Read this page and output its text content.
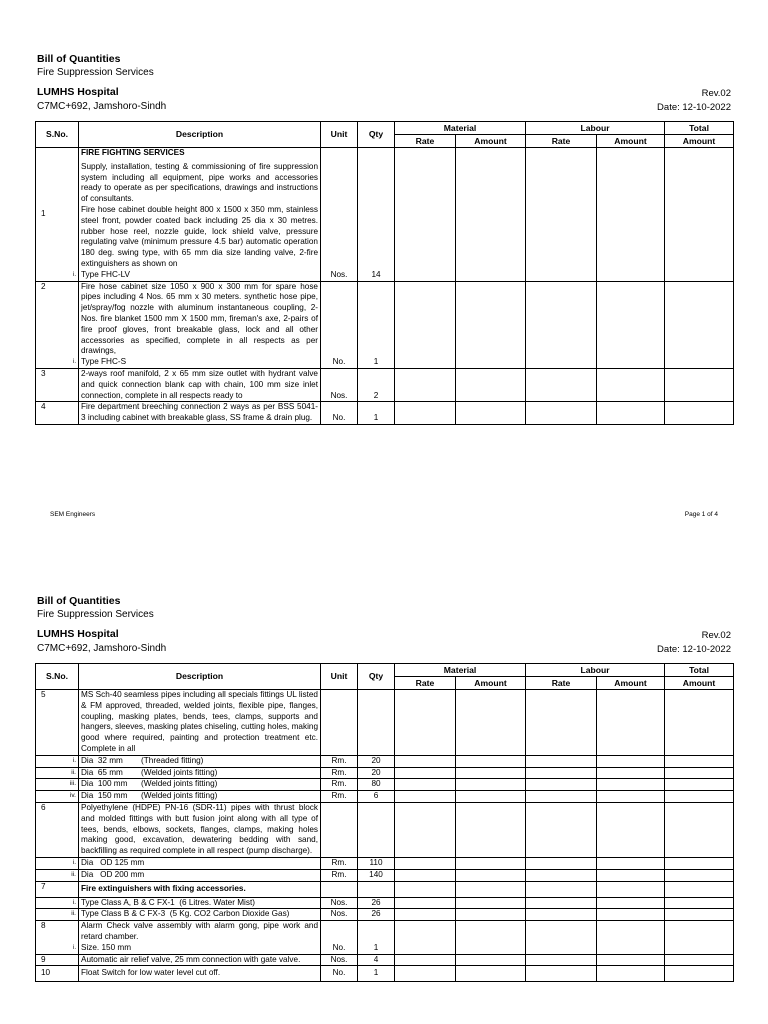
Bill of Quantities
Fire Suppression Services
LUMHS Hospital
C7MC+692, Jamshoro-Sindh
Rev.02
Date: 12-10-2022
S.No.	Description	Unit	Qty	Material		Labour		Total
				Rate	Amount	Rate	Amount	Amount
1	FIRE FIGHTING SERVICES
Supply, installation, testing & commissioning of fire suppression system including all equipment, pipe works and accessories ready to operate as per specifications, drawings and instructions of consultants.
Fire hose cabinet double height 800 x 1500 x 350 mm, stainless steel front, powder coated back including 25 dia x 30 metres. rubber hose reel, nozzle guide, lock shield valve, pressure regulating valve (minimum pressure 4.5 bar) automatic operation 180 deg. swing type, with 65 mm dia size landing valve, 2-fire extinguishers as shown on
i. Type FHC-LV	Nos.	14					
2	Fire hose cabinet size 1050 x 900 x 300 mm for spare hose pipes including 4 Nos. 65 mm x 30 meters. synthetic hose pipe, jet/spray/fog nozzle with aluminum instantaneous coupling, 2-Nos. fire blanket 1500 mm X 1500 mm, fireman's axe, 2-pairs of fire proof gloves, front breakable glass, lock and all other accessories as specified, complete in all respects as per drawings,
i. Type FHC-S	No.	1					
3	2-ways roof manifold, 2 x 65 mm size outlet with hydrant valve and quick connection blank cap with chain, 100 mm size inlet connection, complete in all respects ready to	Nos.	2					
4	Fire department breeching connection 2 ways as per BSS 5041-3 including cabinet with breakable glass, SS frame & drain plug.	No.	1					
SEM Engineers	Page 1 of 4
Bill of Quantities
Fire Suppression Services
LUMHS Hospital
C7MC+692, Jamshoro-Sindh
Rev.02
Date: 12-10-2022
S.No.	Description	Unit	Qty	Material		Labour		Total
				Rate	Amount	Rate	Amount	Amount
5	MS Sch-40 seamless pipes including all specials fittings UL listed & FM approved, threaded, welded joints, flexible pipe, flanges, coupling, masking plates, bends, tees, clamps, supports and hangers, sleeves, masking plates chiseling, cutting holes, making good where required, painting and protection treatment etc. Complete in all							

i.	Dia  32 mm        (Threaded fitting)	Rm.	20					

ii.	Dia  65 mm        (Welded joints fitting)	Rm.	20					

iii.	Dia  100 mm      (Welded joints fitting)	Rm.	80					

iv.	Dia  150 mm      (Welded joints fitting)	Rm.	6					
6	Polyethylene (HDPE) PN-16 (SDR-11) pipes with thrust block and molded fittings with butt fusion joint along with all type of tees, bends, elbows, sockets, flanges, clamps, making holes making good, excavation, dewatering bedding with sand, backfilling as required complete in all respect (pump discharge).							

i.	Dia   OD 125 mm	Rm.	110					

ii.	Dia   OD 200 mm	Rm.	140					
7	Fire extinguishers with fixing accessories.							

i.	Type Class A, B & C FX-1  (6 Litres. Water Mist)	Nos.	26					

ii.	Type Class B & C FX-3  (5 Kg. CO2 Carbon Dioxide Gas)	Nos.	26					
8	Alarm Check valve assembly with alarm gong, pipe work and retard chamber.
i. Size. 150 mm	No.	1					
9	Automatic air relief valve, 25 mm connection with gate valve.	Nos.	4					
10	Float Switch for low water level cut off.	No.	1					
